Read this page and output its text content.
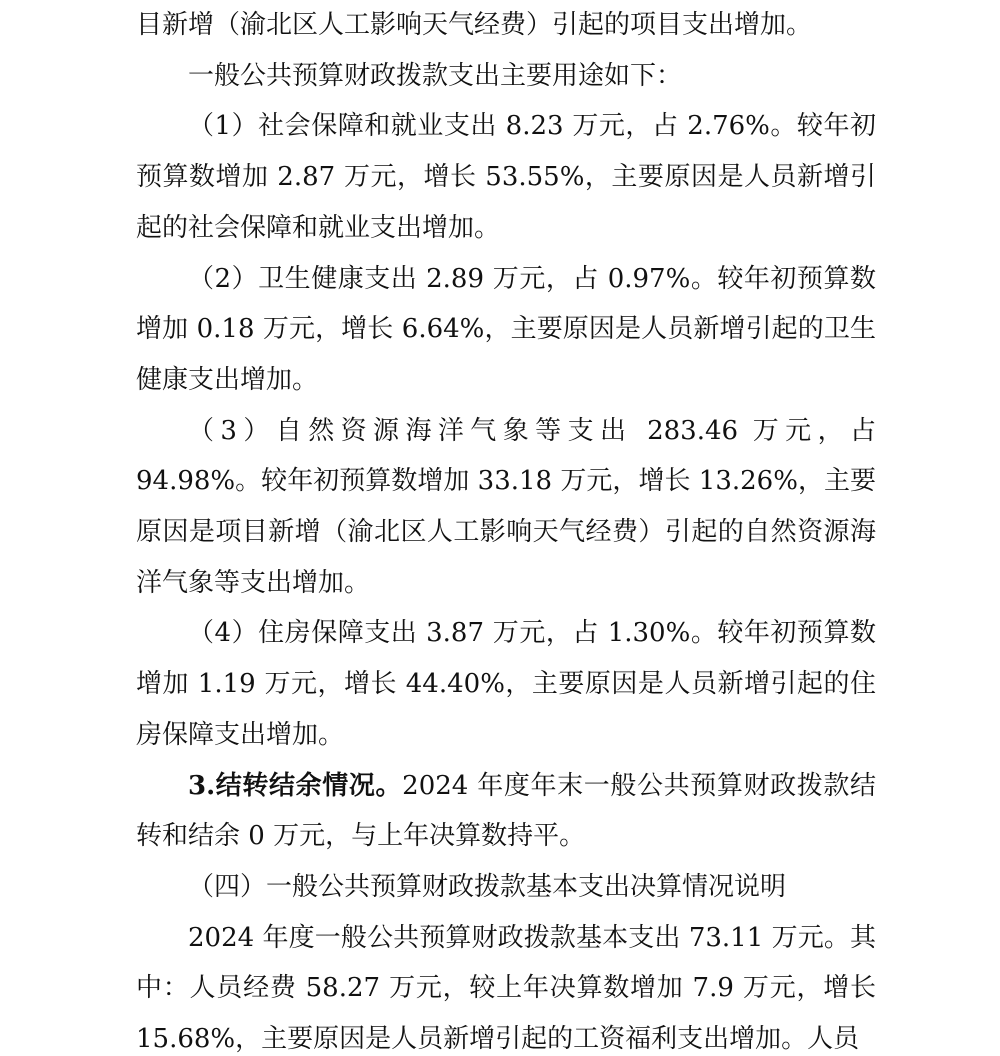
目新增（渝北区人工影响天气经费）引起的项目支出增加。

一般公共预算财政拨款支出主要用途如下：

（1）社会保障和就业支出 8.23 万元，占 2.76%。较年初预算数增加 2.87 万元，增长 53.55%，主要原因是人员新增引起的社会保障和就业支出增加。

（2）卫生健康支出 2.89 万元，占 0.97%。较年初预算数增加 0.18 万元，增长 6.64%，主要原因是人员新增引起的卫生健康支出增加。

（3）自然资源海洋气象等支出 283.46 万元，占 94.98%。较年初预算数增加 33.18 万元，增长 13.26%，主要原因是项目新增（渝北区人工影响天气经费）引起的自然资源海洋气象等支出增加。

（4）住房保障支出 3.87 万元，占 1.30%。较年初预算数增加 1.19 万元，增长 44.40%，主要原因是人员新增引起的住房保障支出增加。

3.结转结余情况。2024 年度年末一般公共预算财政拨款结转和结余 0 万元，与上年决算数持平。

（四）一般公共预算财政拨款基本支出决算情况说明

2024 年度一般公共预算财政拨款基本支出 73.11 万元。其中：人员经费 58.27 万元，较上年决算数增加 7.9 万元，增长 15.68%，主要原因是人员新增引起的工资福利支出增加。人员
